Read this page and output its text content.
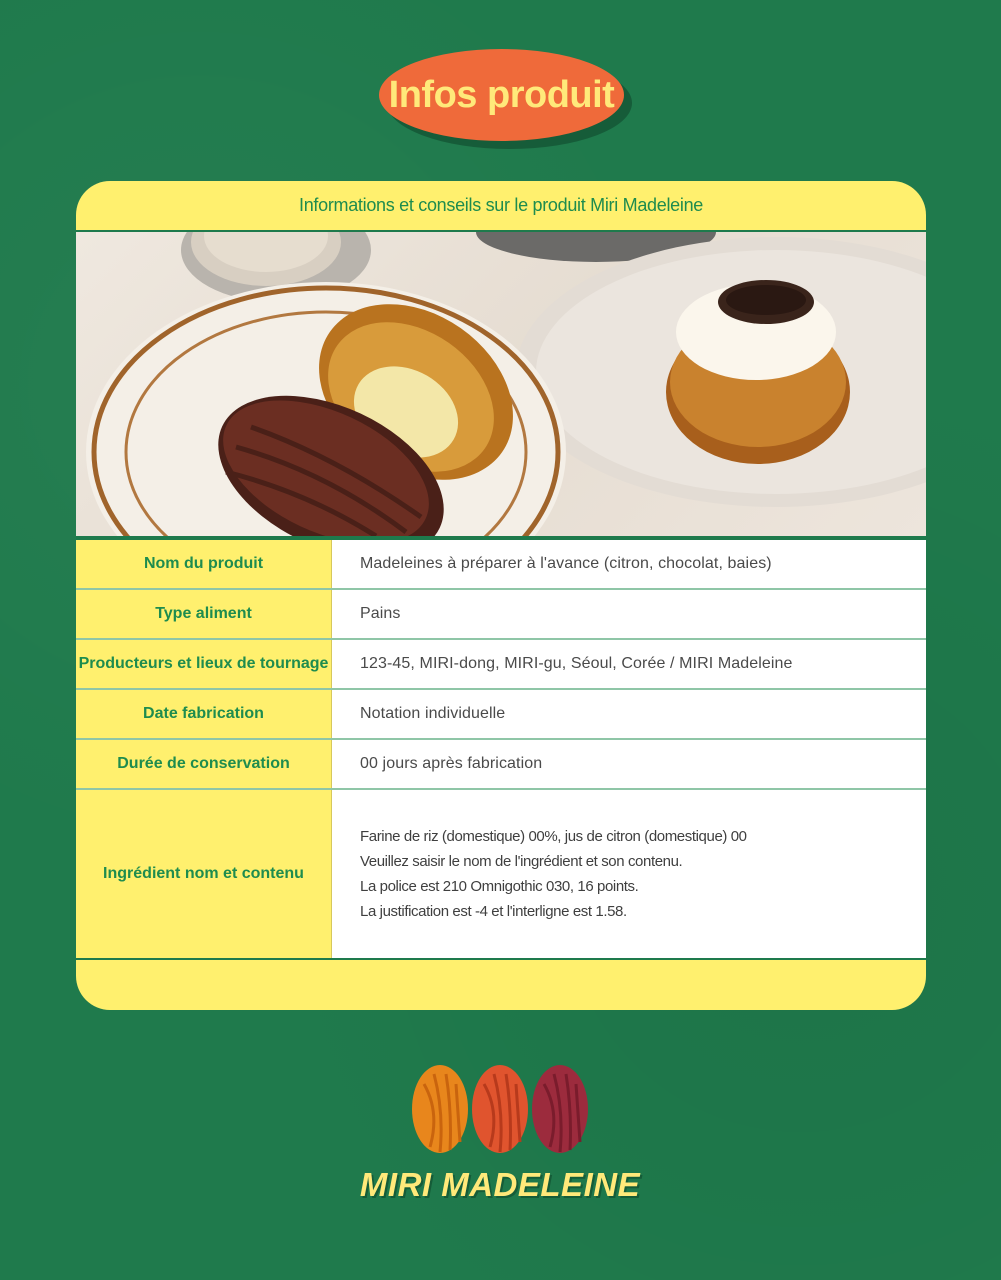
Infos produit
Informations et conseils sur le produit Miri Madeleine
Nom du produit	Madeleines à préparer à l'avance (citron, chocolat, baies)
Type aliment	Pains
Producteurs et lieux de tournage	123-45, MIRI-dong, MIRI-gu, Séoul, Corée / MIRI Madeleine
Date fabrication	Notation individuelle
Durée de conservation	00 jours après fabrication
Ingrédient nom et contenu	Farine de riz (domestique) 00%, jus de citron (domestique) 00
Veuillez saisir le nom de l'ingrédient et son contenu.
La police est 210 Omnigothic 030, 16 points.
La justification est -4 et l'interligne est 1.58.
MIRI MADELEINE
